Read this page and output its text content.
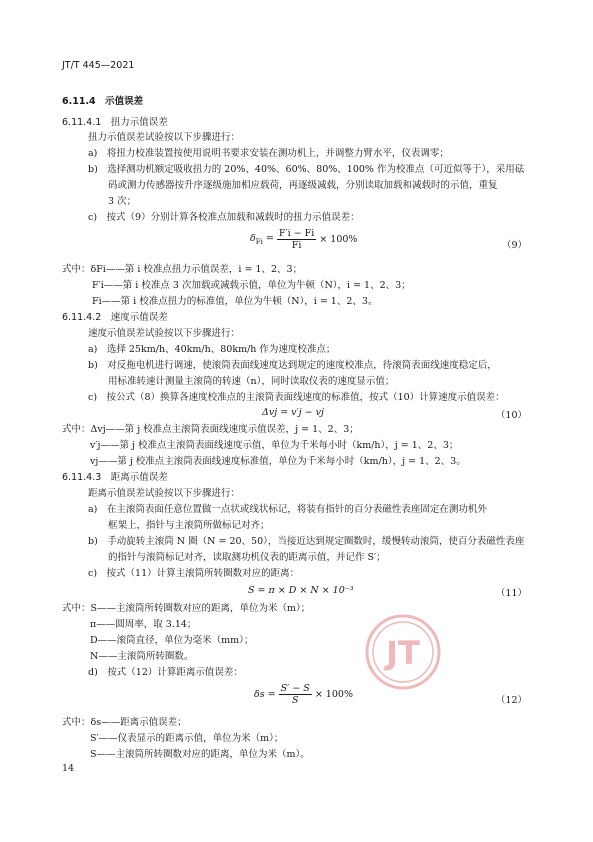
JT/T 445—2021
6.11.4　示值误差
6.11.4.1　扭力示值误差
扭力示值误差试验按以下步骤进行：
a)　将扭力校准装置按使用说明书要求安装在测功机上，并调整力臂水平，仪表调零；
b)　选择测功机额定吸收扭力的 20%、40%、60%、80%、100% 作为校准点（可近似等于），采用砝
码或测力传感器按升序逐级施加相应载荷，再逐级减载，分别读取加载和减载时的示值，重复
3 次；
c)　按式（9）分别计算各校准点加载和减载时的扭力示值误差：
$\delta_{Fi} = \frac{F'i - Fi}{Fi} \times 100\%$
（9）
式中：δFi——第 i 校准点扭力示值误差，i = 1、2、3；
F′i——第 i 校准点 3 次加载或减载示值，单位为牛顿（N），i = 1、2、3；
Fi——第 i 校准点扭力的标准值，单位为牛顿（N），i = 1、2、3。
6.11.4.2　速度示值误差
速度示值误差试验按以下步骤进行：
a)　选择 25km/h、40km/h、80km/h 作为速度校准点；
b)　对反拖电机进行调速，使滚筒表面线速度达到规定的速度校准点，待滚筒表面线速度稳定后，
用标准转速计测量主滚筒的转速（n），同时读取仪表的速度显示值；
c)　按公式（8）换算各速度校准点的主滚筒表面线速度的标准值，按式（10）计算速度示值误差：
Δvj = v′j − vj	（10）
式中：Δvj——第 j 校准点主滚筒表面线速度示值误差，j = 1、2、3；
v′j——第 j 校准点主滚筒表面线速度示值，单位为千米每小时（km/h），j = 1、2、3；
vj——第 j 校准点主滚筒表面线速度标准值，单位为千米每小时（km/h），j = 1、2、3。
6.11.4.3　距离示值误差
距离示值误差试验按以下步骤进行：
a)　在主滚筒表面任意位置做一点状或线状标记，将装有指针的百分表磁性表座固定在测功机外
框架上，指针与主滚筒所做标记对齐；
b)　手动旋转主滚筒 N 圈（N = 20、50），当接近达到规定圈数时，缓慢转动滚筒，使百分表磁性表座
的指针与滚筒标记对齐，读取测功机仪表的距离示值，并记作 S′；
c)　按式（11）计算主滚筒所转圈数对应的距离：
S = π × D × N × 10⁻³	（11）
式中：S——主滚筒所转圈数对应的距离，单位为米（m）；
π——圆周率，取 3.14；
D——滚筒直径，单位为毫米（mm）；
N——主滚筒所转圈数。
d)　按式（12）计算距离示值误差：
$\delta s = \frac{S' - S}{S} \times 100\%$
（12）
式中：δs——距离示值误差；
S′——仪表显示的距离示值，单位为米（m）；
S——主滚筒所转圈数对应的距离，单位为米（m）。
JT
14
